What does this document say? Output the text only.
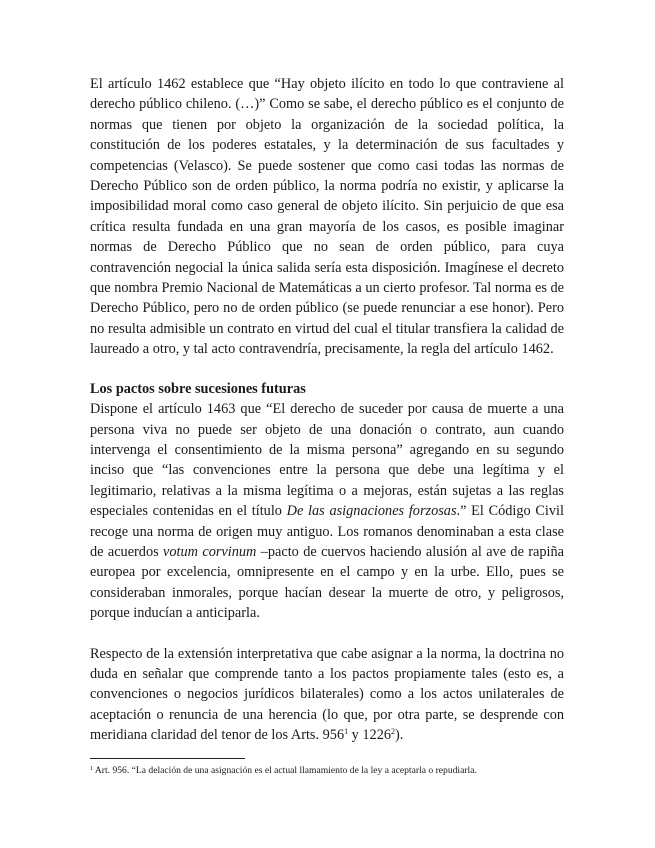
El artículo 1462 establece que “Hay objeto ilícito en todo lo que contraviene al derecho público chileno. (…)” Como se sabe, el derecho público es el conjunto de normas que tienen por objeto la organización de la sociedad política, la constitución de los poderes estatales, y la determinación de sus facultades y competencias (Velasco). Se puede sostener que como casi todas las normas de Derecho Público son de orden público, la norma podría no existir, y aplicarse la imposibilidad moral como caso general de objeto ilícito. Sin perjuicio de que esa crítica resulta fundada en una gran mayoría de los casos, es posible imaginar normas de Derecho Público que no sean de orden público, para cuya contravención negocial la única salida sería esta disposición. Imagínese el decreto que nombra Premio Nacional de Matemáticas a un cierto profesor. Tal norma es de Derecho Público, pero no de orden público (se puede renunciar a ese honor). Pero no resulta admisible un contrato en virtud del cual el titular transfiera la calidad de laureado a otro, y tal acto contravendría, precisamente, la regla del artículo 1462.

Los pactos sobre sucesiones futuras

Dispone el artículo 1463 que “El derecho de suceder por causa de muerte a una persona viva no puede ser objeto de una donación o contrato, aun cuando intervenga el consentimiento de la misma persona” agregando en su segundo inciso que “las convenciones entre la persona que debe una legítima y el legitimario, relativas a la misma legítima o a mejoras, están sujetas a las reglas especiales contenidas en el título De las asignaciones forzosas.” El Código Civil recoge una norma de origen muy antiguo. Los romanos denominaban a esta clase de acuerdos votum corvinum –pacto de cuervos haciendo alusión al ave de rapiña europea por excelencia, omnipresente en el campo y en la urbe. Ello, pues se consideraban inmorales, porque hacían desear la muerte de otro, y peligrosos, porque inducían a anticiparla.

Respecto de la extensión interpretativa que cabe asignar a la norma, la doctrina no duda en señalar que comprende tanto a los pactos propiamente tales (esto es, a convenciones o negocios jurídicos bilaterales) como a los actos unilaterales de aceptación o renuncia de una herencia (lo que, por otra parte, se desprende con meridiana claridad del tenor de los Arts. $956^1$ y 1226$^2$).

$^1$ Art. 956. “La delación de una asignación es el actual llamamiento de la ley a aceptarla o repudiarla.
